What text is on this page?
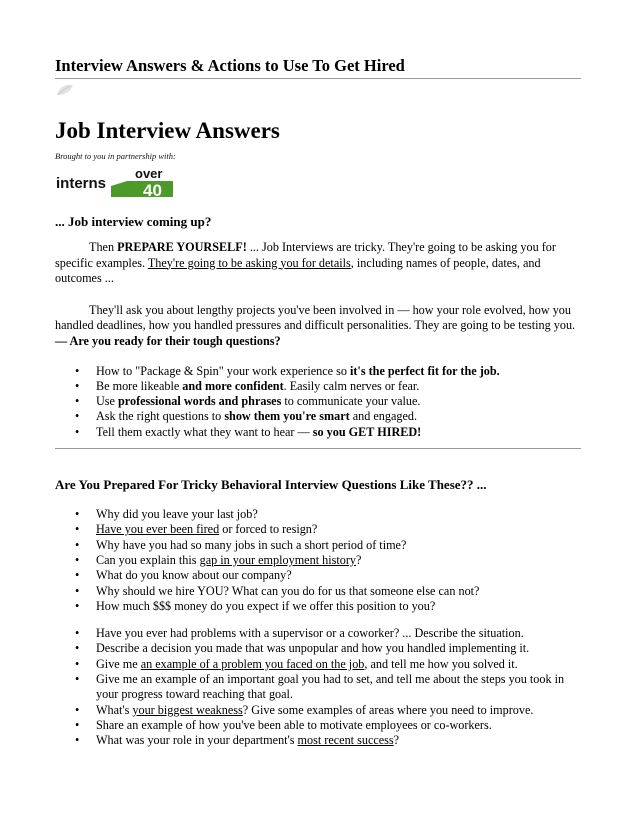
Interview Answers & Actions to Use To Get Hired
Job Interview Answers
Brought to you in partnership with:
interns
over
40
... Job interview coming up?

Then PREPARE YOURSELF! ... Job Interviews are tricky. They're going to be asking you for specific examples. They're going to be asking you for details, including names of people, dates, and outcomes ...

They'll ask you about lengthy projects you've been involved in — how your role evolved, how you handled deadlines, how you handled pressures and difficult personalities. They are going to be testing you. — Are you ready for their tough questions?

• How to "Package & Spin" your work experience so it's the perfect fit for the job.
• Be more likeable and more confident. Easily calm nerves or fear.
• Use professional words and phrases to communicate your value.
• Ask the right questions to show them you're smart and engaged.
• Tell them exactly what they want to hear — so you GET HIRED!
Are You Prepared For Tricky Behavioral Interview Questions Like These?? ...
• Why did you leave your last job?
• Have you ever been fired or forced to resign?
• Why have you had so many jobs in such a short period of time?
• Can you explain this gap in your employment history?
• What do you know about our company?
• Why should we hire YOU? What can you do for us that someone else can not?
• How much $$$ money do you expect if we offer this position to you?
• Have you ever had problems with a supervisor or a coworker? ... Describe the situation.
• Describe a decision you made that was unpopular and how you handled implementing it.
• Give me an example of a problem you faced on the job, and tell me how you solved it.
• Give me an example of an important goal you had to set, and tell me about the steps you took in your progress toward reaching that goal.
• What's your biggest weakness? Give some examples of areas where you need to improve.
• Share an example of how you've been able to motivate employees or co-workers.
• What was your role in your department's most recent success?
